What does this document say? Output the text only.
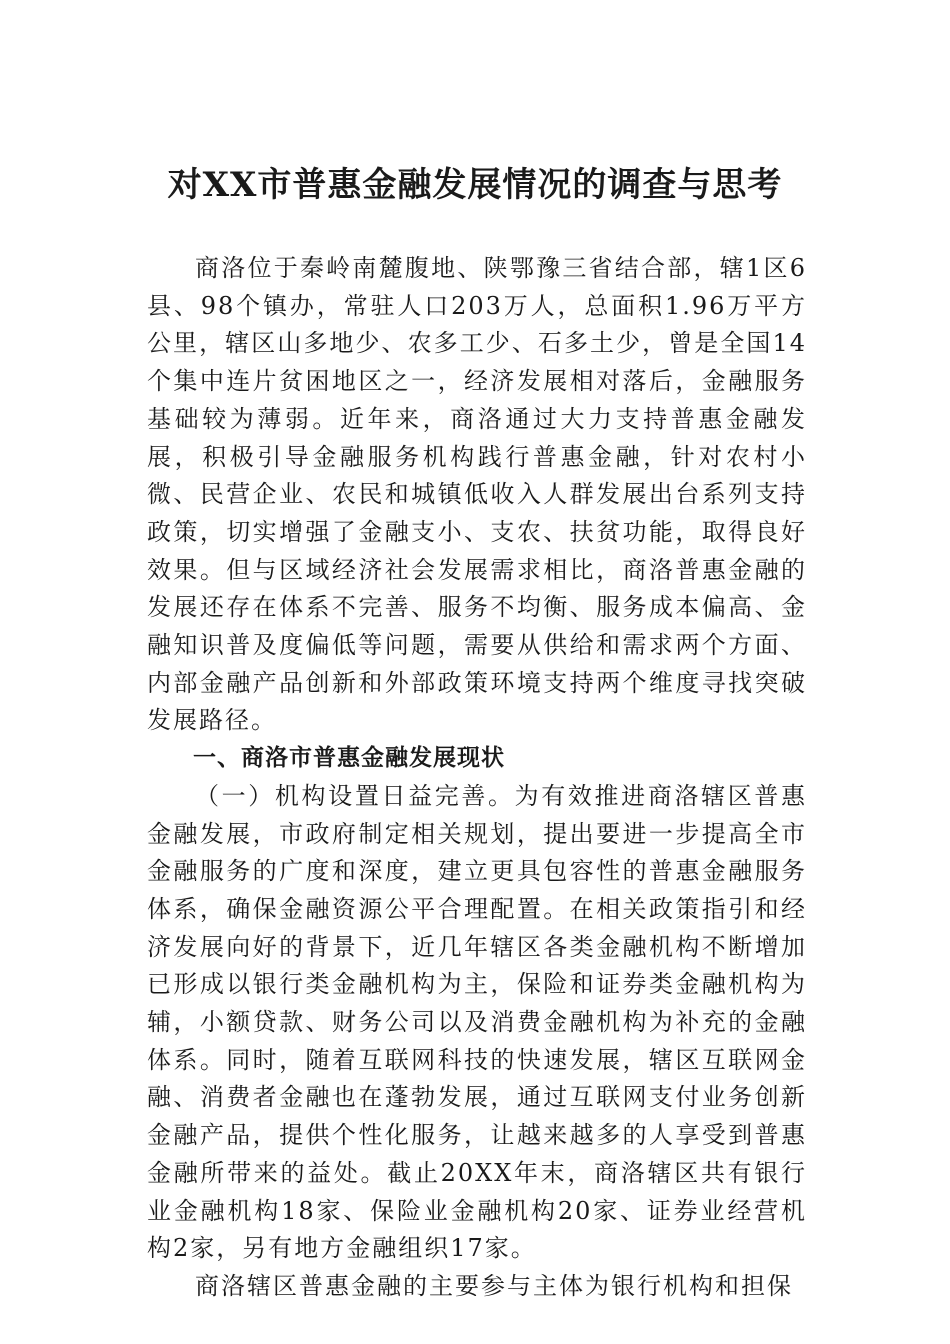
对XX市普惠金融发展情况的调查与思考

商洛位于秦岭南麓腹地、陕鄂豫三省结合部，辖1区6县、98个镇办，常驻人口203万人，总面积1.96万平方公里，辖区山多地少、农多工少、石多土少，曾是全国14个集中连片贫困地区之一，经济发展相对落后，金融服务基础较为薄弱。近年来，商洛通过大力支持普惠金融发展，积极引导金融服务机构践行普惠金融，针对农村小微、民营企业、农民和城镇低收入人群发展出台系列支持政策，切实增强了金融支小、支农、扶贫功能，取得良好效果。但与区域经济社会发展需求相比，商洛普惠金融的发展还存在体系不完善、服务不均衡、服务成本偏高、金融知识普及度偏低等问题，需要从供给和需求两个方面、内部金融产品创新和外部政策环境支持两个维度寻找突破发展路径。

一、商洛市普惠金融发展现状

（一）机构设置日益完善。为有效推进商洛辖区普惠金融发展，市政府制定相关规划，提出要进一步提高全市金融服务的广度和深度，建立更具包容性的普惠金融服务体系，确保金融资源公平合理配置。在相关政策指引和经济发展向好的背景下，近几年辖区各类金融机构不断增加已形成以银行类金融机构为主，保险和证券类金融机构为辅，小额贷款、财务公司以及消费金融机构为补充的金融体系。同时，随着互联网科技的快速发展，辖区互联网金融、消费者金融也在蓬勃发展，通过互联网支付业务创新金融产品，提供个性化服务，让越来越多的人享受到普惠金融所带来的益处。截止20XX年末，商洛辖区共有银行业金融机构18家、保险业金融机构20家、证券业经营机构2家，另有地方金融组织17家。

商洛辖区普惠金融的主要参与主体为银行机构和担保
